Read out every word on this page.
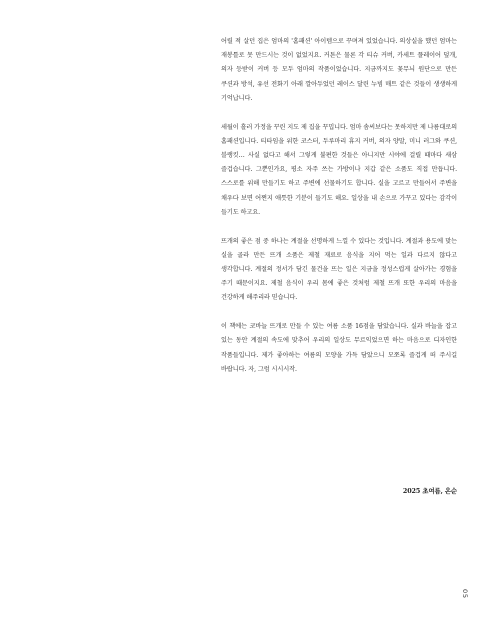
어릴 적 살던 집은 엄마의 '홈패션' 아이템으로 꾸며져 있었습니다. 의상실을 했던 엄마는 재봉틀로 못 만드시는 것이 없었지요. 커튼은 물론 각 티슈 커버, 카세트 플레이어 덮개, 의자 등받이 커버 등 모두 엄마의 작품이었습니다. 지금까지도 꽃무늬 원단으로 만든 쿠션과 방석, 유선 전화기 아래 깔아두었던 레이스 달린 누빔 매트 같은 것들이 생생하게 기억납니다.

세월이 흘러 가정을 꾸린 지도 제 집을 꾸밉니다. 엄마 솜씨보다는 못하지만 제 나름대로의 홈패션입니다. 티타임을 위한 코스터, 두루마리 휴지 커버, 의자 양말, 미니 러그와 쿠션, 블랭킷… 사실 없다고 해서 그렇게 불편한 것들은 아니지만 시야에 걸릴 때마다 새삼 즐겁습니다. 그뿐인가요, 평소 자주 쓰는 가방이나 지갑 같은 소품도 직접 만듭니다. 스스로를 위해 만들기도 하고 주변에 선물하기도 합니다. 실을 고르고 만들어서 주변을 채우다 보면 어쩐지 애틋한 기분이 들기도 해요. 일상을 내 손으로 가꾸고 있다는 감각이 들기도 하고요.

뜨개의 좋은 점 중 하나는 계절을 선명하게 느낄 수 있다는 것입니다. 계절과 용도에 맞는 실을 골라 만든 뜨개 소품은 제철 재료로 음식을 지어 먹는 일과 다르지 않다고 생각합니다. 계절의 정서가 담긴 물건을 뜨는 일은 지금을 정성스럽게 살아가는 경험을 주기 때문이지요. 제철 음식이 우리 몸에 좋은 것처럼 제철 뜨개 또한 우리의 마음을 건강하게 해주리라 믿습니다.

이 책에는 코바늘 뜨개로 만들 수 있는 여름 소품 16점을 담았습니다. 실과 바늘을 잡고 있는 동안 계절의 속도에 맞추어 우리의 일상도 무르익었으면 하는 마음으로 디자인한 작품들입니다. 제가 좋아하는 여름의 모양을 가득 담았으니 모쪼록 즐겁게 떠 주시길 바랍니다. 자, 그럼 시시시작.

2025 초여름, 온순
05
